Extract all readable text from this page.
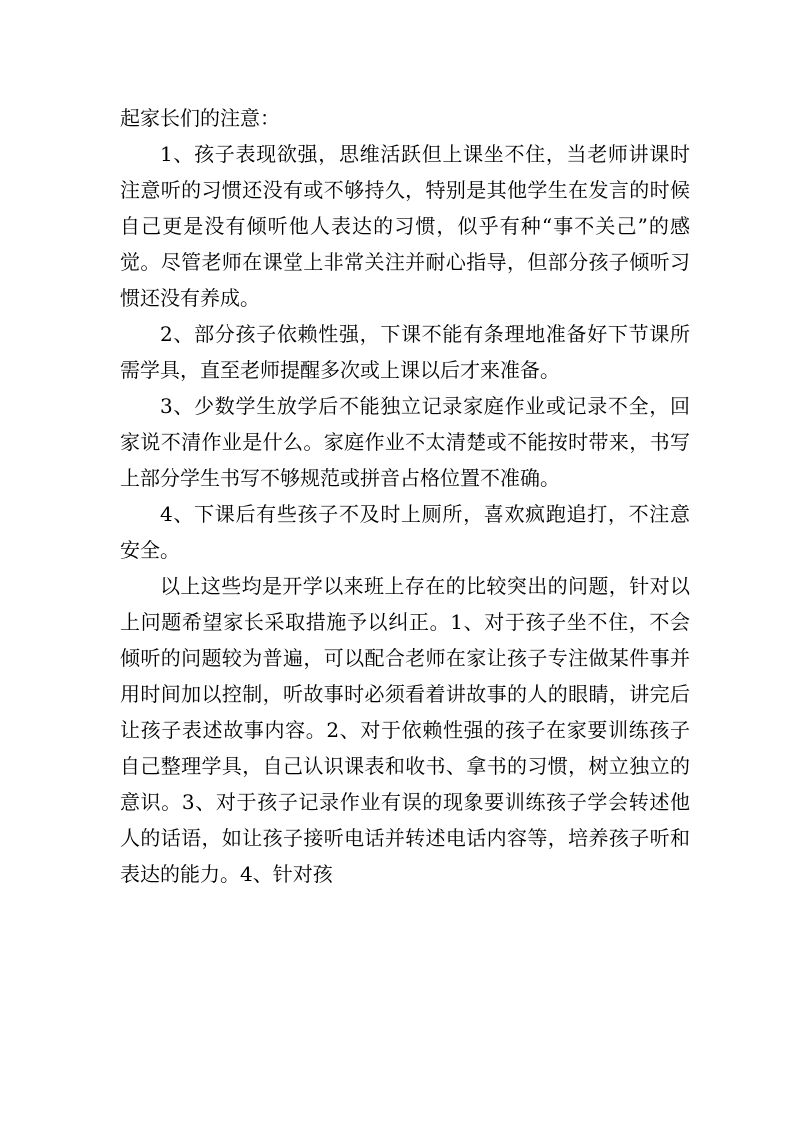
起家长们的注意：

1、孩子表现欲强，思维活跃但上课坐不住，当老师讲课时注意听的习惯还没有或不够持久，特别是其他学生在发言的时候自己更是没有倾听他人表达的习惯，似乎有种“事不关己”的感觉。尽管老师在课堂上非常关注并耐心指导，但部分孩子倾听习惯还没有养成。

2、部分孩子依赖性强，下课不能有条理地准备好下节课所需学具，直至老师提醒多次或上课以后才来准备。

3、少数学生放学后不能独立记录家庭作业或记录不全，回家说不清作业是什么。家庭作业不太清楚或不能按时带来，书写上部分学生书写不够规范或拼音占格位置不准确。

4、下课后有些孩子不及时上厕所，喜欢疯跑追打，不注意安全。

以上这些均是开学以来班上存在的比较突出的问题，针对以上问题希望家长采取措施予以纠正。1、对于孩子坐不住，不会倾听的问题较为普遍，可以配合老师在家让孩子专注做某件事并用时间加以控制，听故事时必须看着讲故事的人的眼睛，讲完后让孩子表述故事内容。2、对于依赖性强的孩子在家要训练孩子自己整理学具，自己认识课表和收书、拿书的习惯，树立独立的意识。3、对于孩子记录作业有误的现象要训练孩子学会转述他人的话语，如让孩子接听电话并转述电话内容等，培养孩子听和表达的能力。4、针对孩
